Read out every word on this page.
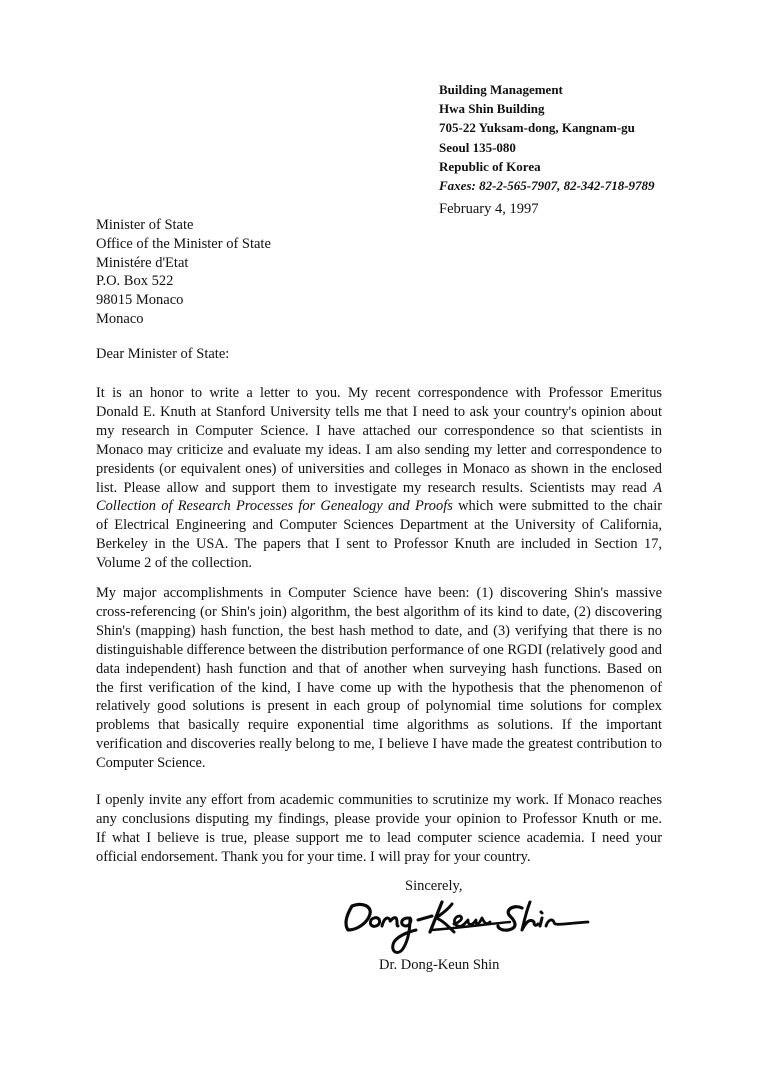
Building Management
Hwa Shin Building
705-22 Yuksam-dong, Kangnam-gu
Seoul 135-080
Republic of Korea
Faxes: 82-2-565-7907, 82-342-718-9789
February 4, 1997
Minister of State
Office of the Minister of State
Ministére d'Etat
P.O. Box 522
98015 Monaco
Monaco
Dear Minister of State:
It is an honor to write a letter to you. My recent correspondence with Professor Emeritus
Donald E. Knuth at Stanford University tells me that I need to ask your country's opinion about
my research in Computer Science. I have attached our correspondence so that scientists in
Monaco may criticize and evaluate my ideas. I am also sending my letter and correspondence to
presidents (or equivalent ones) of universities and colleges in Monaco as shown in the enclosed
list. Please allow and support them to investigate my research results. Scientists may read A
Collection of Research Processes for Genealogy and Proofs which were submitted to the chair
of Electrical Engineering and Computer Sciences Department at the University of California,
Berkeley in the USA. The papers that I sent to Professor Knuth are included in Section 17,
Volume 2 of the collection.
My major accomplishments in Computer Science have been: (1) discovering Shin's massive
cross-referencing (or Shin's join) algorithm, the best algorithm of its kind to date, (2) discovering
Shin's (mapping) hash function, the best hash method to date, and (3) verifying that there is no
distinguishable difference between the distribution performance of one RGDI (relatively good and
data independent) hash function and that of another when surveying hash functions. Based on
the first verification of the kind, I have come up with the hypothesis that the phenomenon of
relatively good solutions is present in each group of polynomial time solutions for complex
problems that basically require exponential time algorithms as solutions. If the important
verification and discoveries really belong to me, I believe I have made the greatest contribution to
Computer Science.
I openly invite any effort from academic communities to scrutinize my work. If Monaco reaches
any conclusions disputing my findings, please provide your opinion to Professor Knuth or me.
If what I believe is true, please support me to lead computer science academia. I need your
official endorsement. Thank you for your time. I will pray for your country.
Sincerely,
Dr. Dong-Keun Shin
